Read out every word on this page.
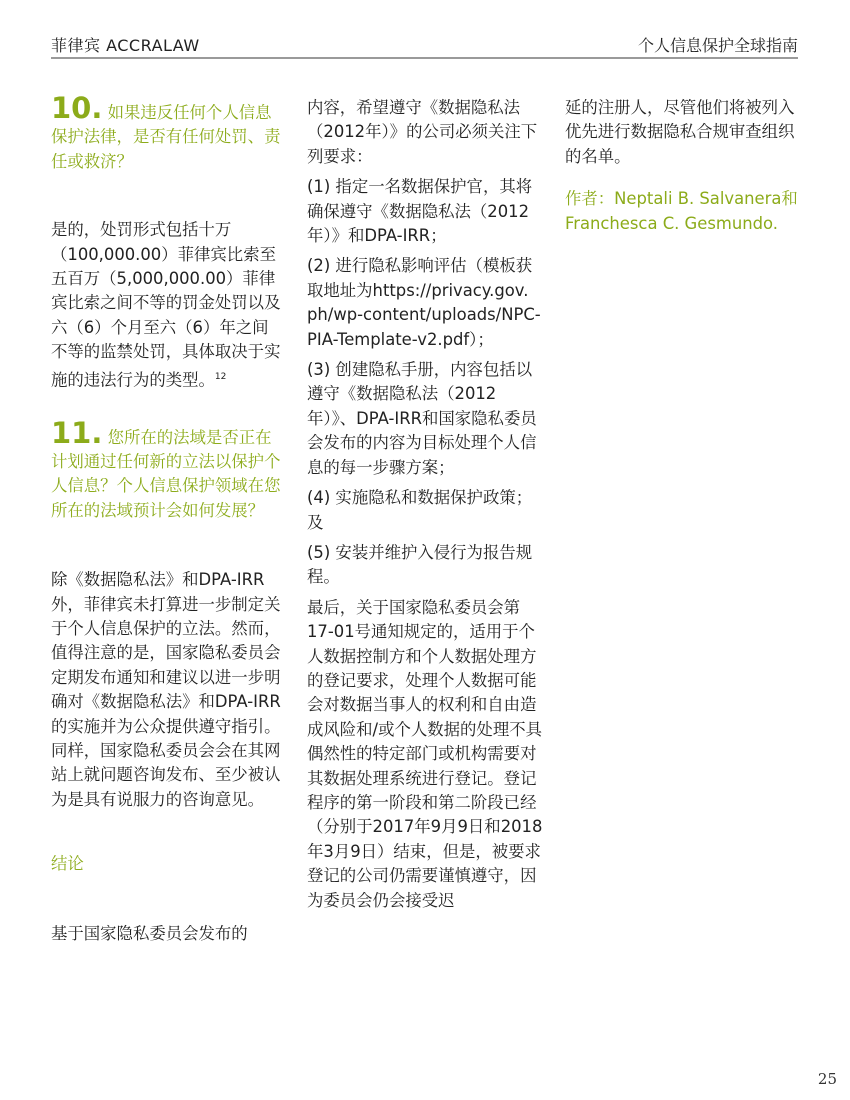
菲律宾 ACCRALAW	个人信息保护全球指南
10. 如果违反任何个人信息保护法律，是否有任何处罚、责任或救济？

是的，处罚形式包括十万（100,000.00）菲律宾比索至五百万（5,000,000.00）菲律宾比索之间不等的罚金处罚以及六（6）个月至六（6）年之间不等的监禁处罚，具体取决于实施的违法行为的类型。$^{12}$

11. 您所在的法域是否正在计划通过任何新的立法以保护个人信息？个人信息保护领域在您所在的法域预计会如何发展？

除《数据隐私法》和DPA-IRR外，菲律宾未打算进一步制定关于个人信息保护的立法。然而，值得注意的是，国家隐私委员会定期发布通知和建议以进一步明确对《数据隐私法》和DPA-IRR的实施并为公众提供遵守指引。同样，国家隐私委员会会在其网站上就问题咨询发布、至少被认为是具有说服力的咨询意见。

结论

基于国家隐私委员会发布的

内容，希望遵守《数据隐私法（2012年）》的公司必须关注下列要求：

(1) 指定一名数据保护官，其将确保遵守《数据隐私法（2012年）》和DPA-IRR；

(2) 进行隐私影响评估（模板获取地址为https://privacy.gov. ph/wp-content/uploads/NPC- PIA-Template-v2.pdf）；

(3) 创建隐私手册，内容包括以遵守《数据隐私法（2012年）》、DPA-IRR和国家隐私委员会发布的内容为目标处理个人信息的每一步骤方案；

(4) 实施隐私和数据保护政策；及

(5) 安装并维护入侵行为报告规程。

最后，关于国家隐私委员会第17-01号通知规定的，适用于个人数据控制方和个人数据处理方的登记要求，处理个人数据可能会对数据当事人的权利和自由造成风险和/或个人数据的处理不具偶然性的特定部门或机构需要对其数据处理系统进行登记。登记程序的第一阶段和第二阶段已经（分别于2017年9月9日和2018年3月9日）结束，但是，被要求登记的公司仍需要谨慎遵守，因为委员会仍会接受迟

延的注册人，尽管他们将被列入优先进行数据隐私合规审查组织的名单。

作者：Neptali B. Salvanera和Franchesca C. Gesmundo.

25
